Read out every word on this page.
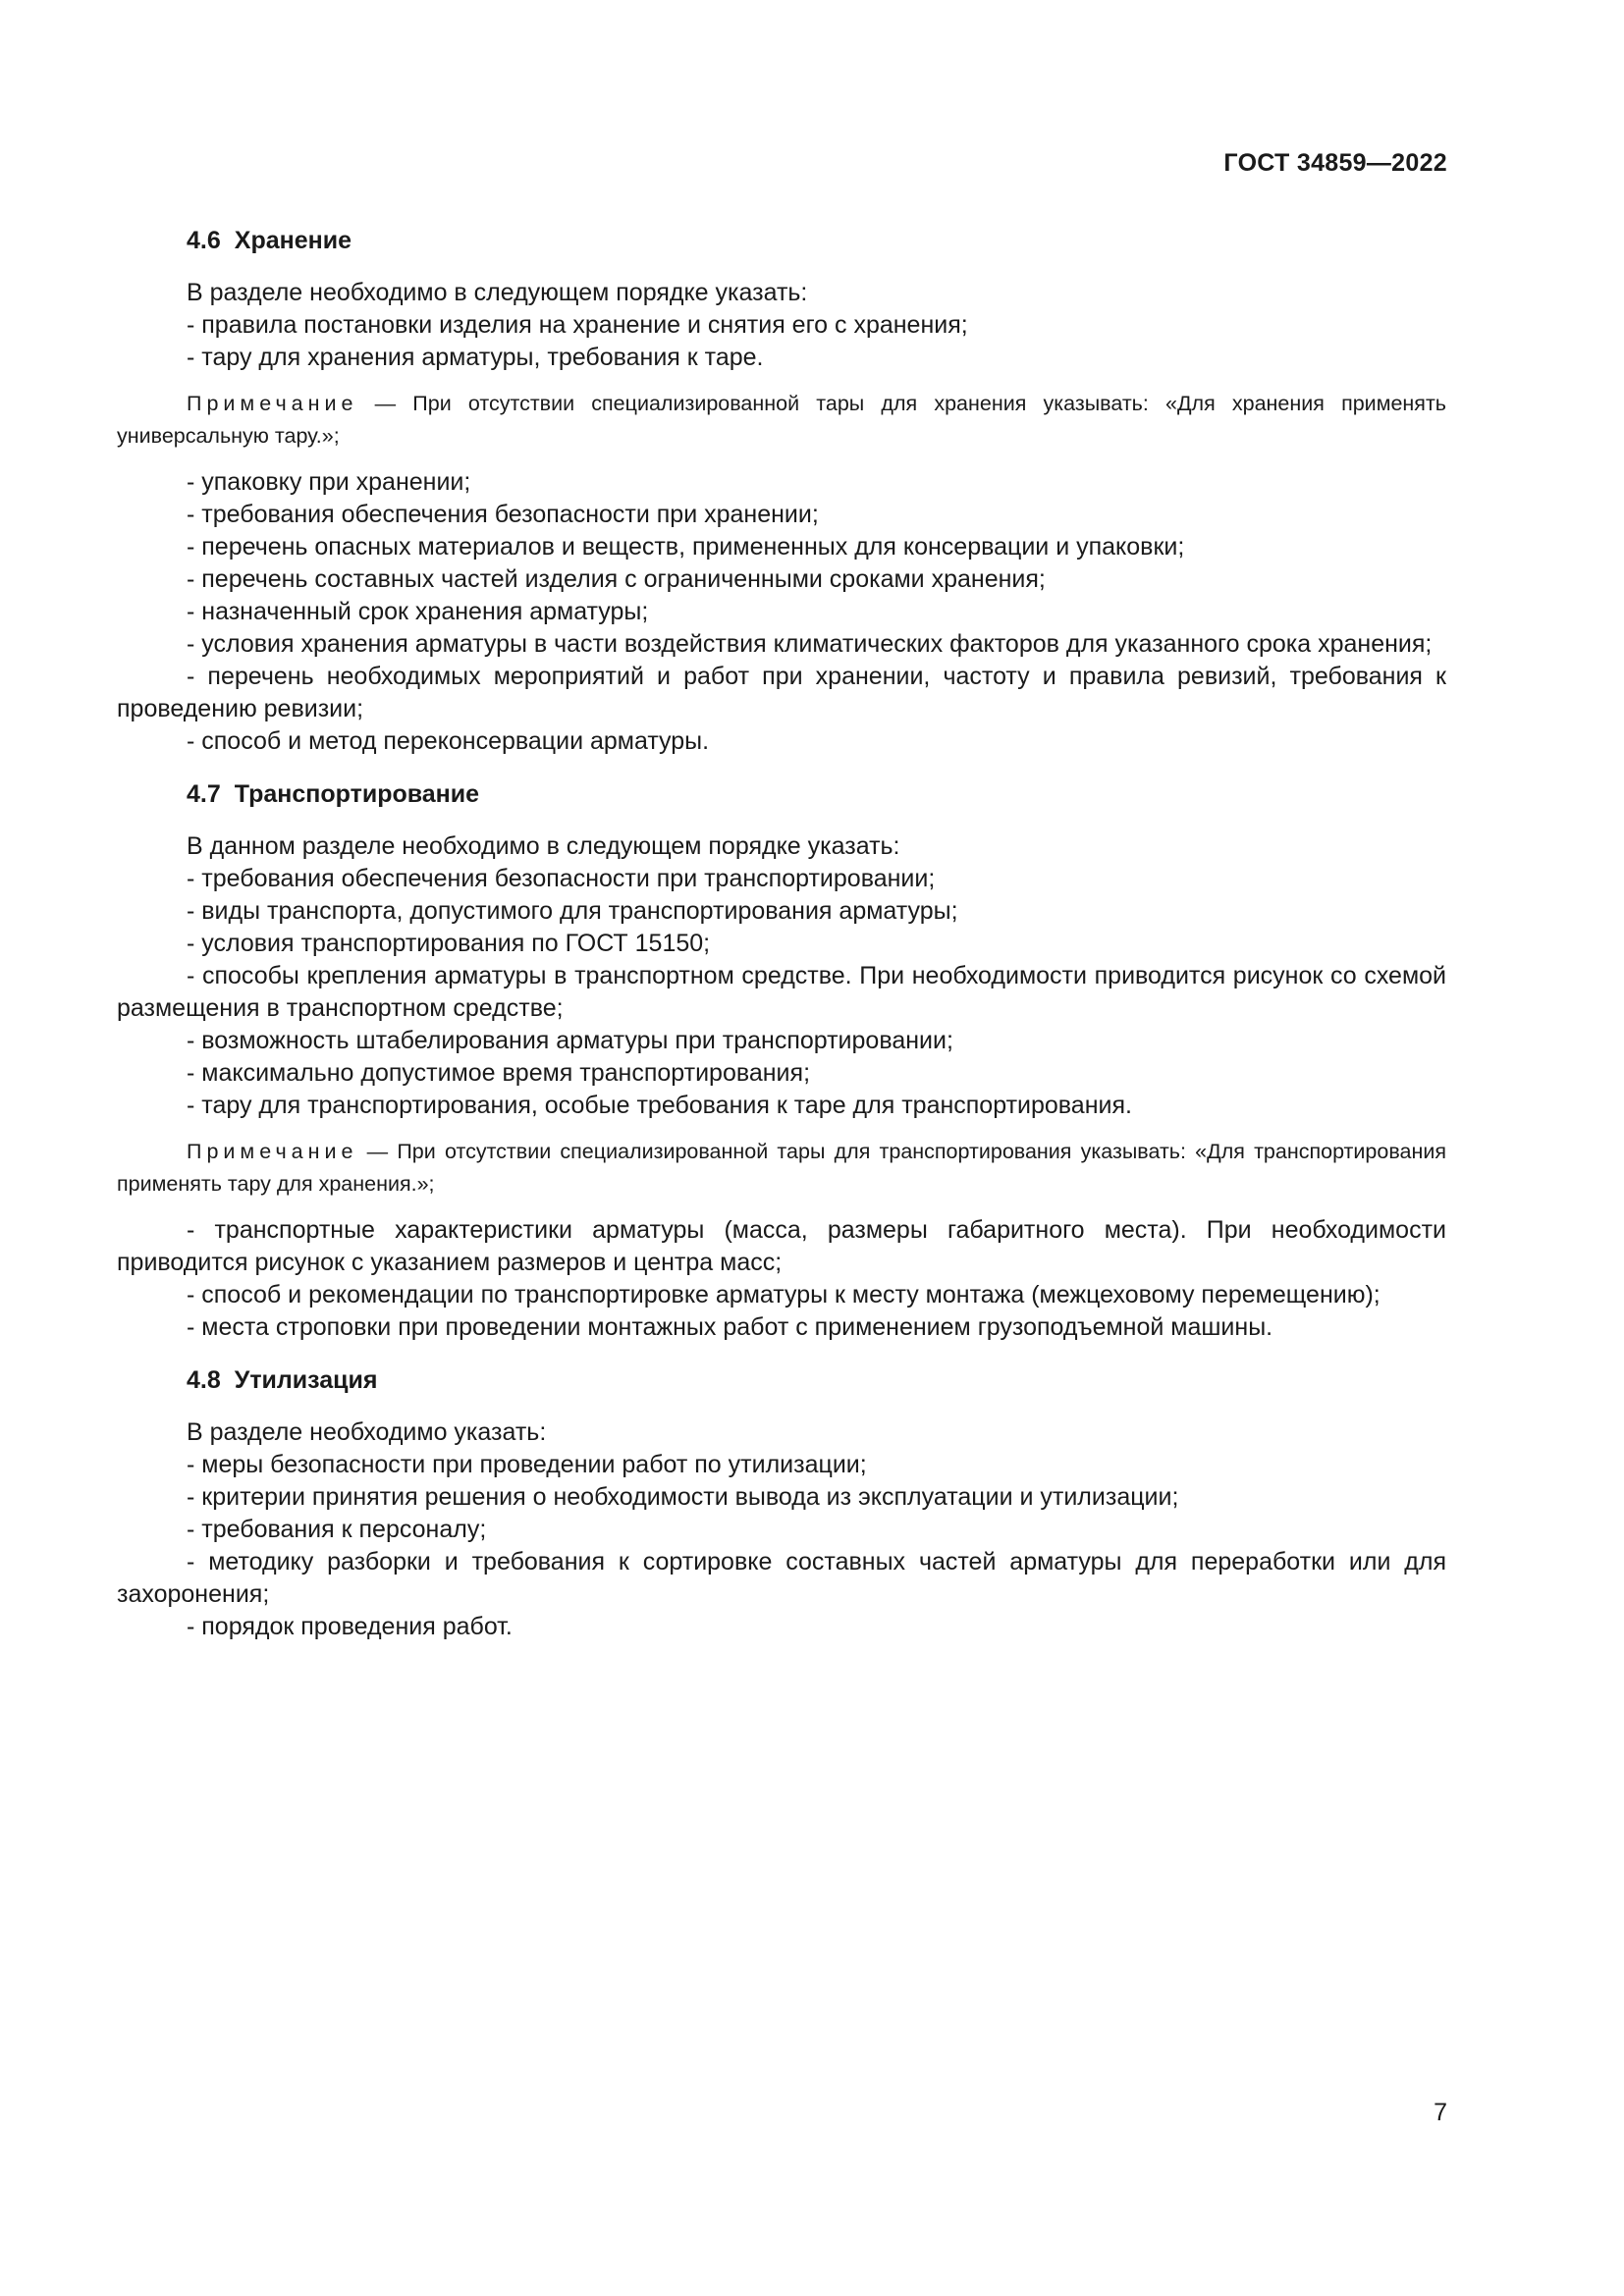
ГОСТ 34859—2022
4.6 Хранение

В разделе необходимо в следующем порядке указать:

- правила постановки изделия на хранение и снятия его с хранения;

- тару для хранения арматуры, требования к таре.

Примечание — При отсутствии специализированной тары для хранения указывать: «Для хранения применять универсальную тару.»;

- упаковку при хранении;

- требования обеспечения безопасности при хранении;

- перечень опасных материалов и веществ, примененных для консервации и упаковки;

- перечень составных частей изделия с ограниченными сроками хранения;

- назначенный срок хранения арматуры;

- условия хранения арматуры в части воздействия климатических факторов для указанного срока хранения;

- перечень необходимых мероприятий и работ при хранении, частоту и правила ревизий, требования к проведению ревизии;

- способ и метод переконсервации арматуры.

4.7 Транспортирование

В данном разделе необходимо в следующем порядке указать:

- требования обеспечения безопасности при транспортировании;

- виды транспорта, допустимого для транспортирования арматуры;

- условия транспортирования по ГОСТ 15150;

- способы крепления арматуры в транспортном средстве. При необходимости приводится рисунок со схемой размещения в транспортном средстве;

- возможность штабелирования арматуры при транспортировании;

- максимально допустимое время транспортирования;

- тару для транспортирования, особые требования к таре для транспортирования.

Примечание — При отсутствии специализированной тары для транспортирования указывать: «Для транспортирования применять тару для хранения.»;

- транспортные характеристики арматуры (масса, размеры габаритного места). При необходимости приводится рисунок с указанием размеров и центра масс;

- способ и рекомендации по транспортировке арматуры к месту монтажа (межцеховому перемещению);

- места строповки при проведении монтажных работ с применением грузоподъемной машины.

4.8 Утилизация

В разделе необходимо указать:

- меры безопасности при проведении работ по утилизации;

- критерии принятия решения о необходимости вывода из эксплуатации и утилизации;

- требования к персоналу;

- методику разборки и требования к сортировке составных частей арматуры для переработки или для захоронения;

- порядок проведения работ.

7
